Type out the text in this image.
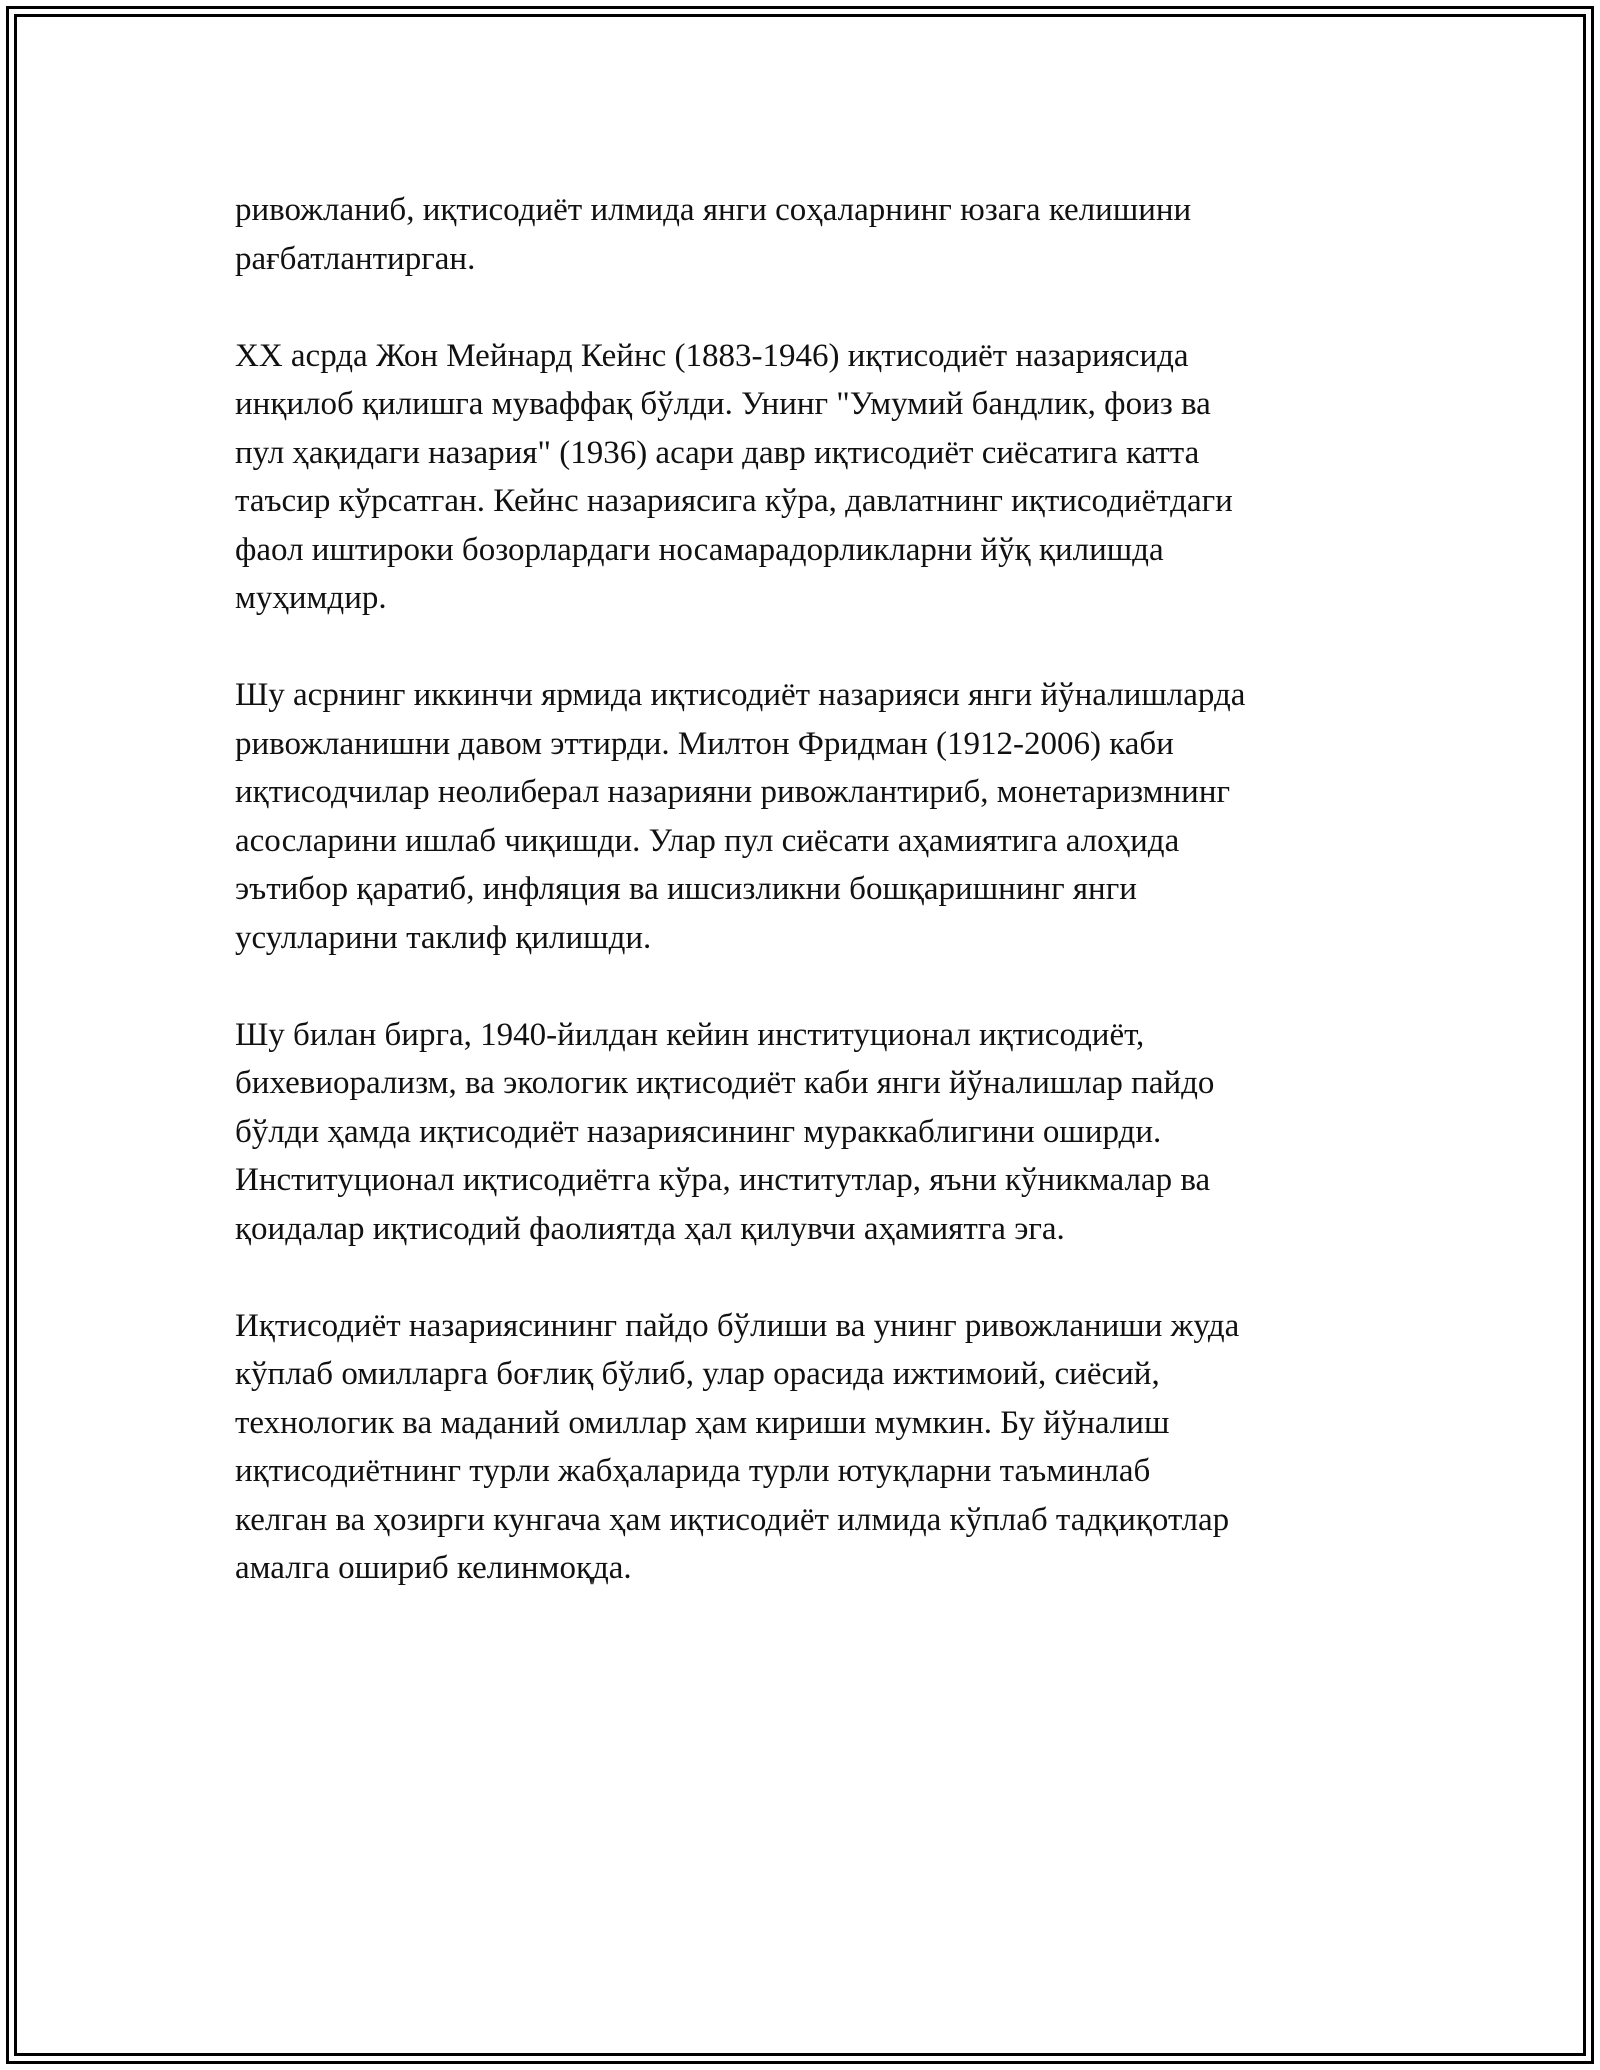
ривожланиб, иқтисодиёт илмида янги соҳаларнинг юзага келишини
рағбатлантирган.

XX асрда Жон Мейнард Кейнс (1883-1946) иқтисодиёт назариясида
инқилоб қилишга муваффақ бўлди. Унинг "Умумий бандлик, фоиз ва
пул ҳақидаги назария" (1936) асари давр иқтисодиёт сиёсатига катта
таъсир кўрсатган. Кейнс назариясига кўра, давлатнинг иқтисодиётдаги
фаол иштироки бозорлардаги носамарадорликларни йўқ қилишда
муҳимдир.

Шу асрнинг иккинчи ярмида иқтисодиёт назарияси янги йўналишларда
ривожланишни давом эттирди. Милтон Фридман (1912-2006) каби
иқтисодчилар неолиберал назарияни ривожлантириб, монетаризмнинг
асосларини ишлаб чиқишди. Улар пул сиёсати аҳамиятига алоҳида
эътибор қаратиб, инфляция ва ишсизликни бошқаришнинг янги
усулларини таклиф қилишди.

Шу билан бирга, 1940-йилдан кейин институционал иқтисодиёт,
бихевиорализм, ва экологик иқтисодиёт каби янги йўналишлар пайдо
бўлди ҳамда иқтисодиёт назариясининг мураккаблигини оширди.
Институционал иқтисодиётга кўра, институтлар, яъни кўникмалар ва
қоидалар иқтисодий фаолиятда ҳал қилувчи аҳамиятга эга.

Иқтисодиёт назариясининг пайдо бўлиши ва унинг ривожланиши жуда
кўплаб омилларга боғлиқ бўлиб, улар орасида ижтимоий, сиёсий,
технологик ва маданий омиллар ҳам кириши мумкин. Бу йўналиш
иқтисодиётнинг турли жабҳаларида турли ютуқларни таъминлаб
келган ва ҳозирги кунгача ҳам иқтисодиёт илмида кўплаб тадқиқотлар
амалга ошириб келинмоқда.
